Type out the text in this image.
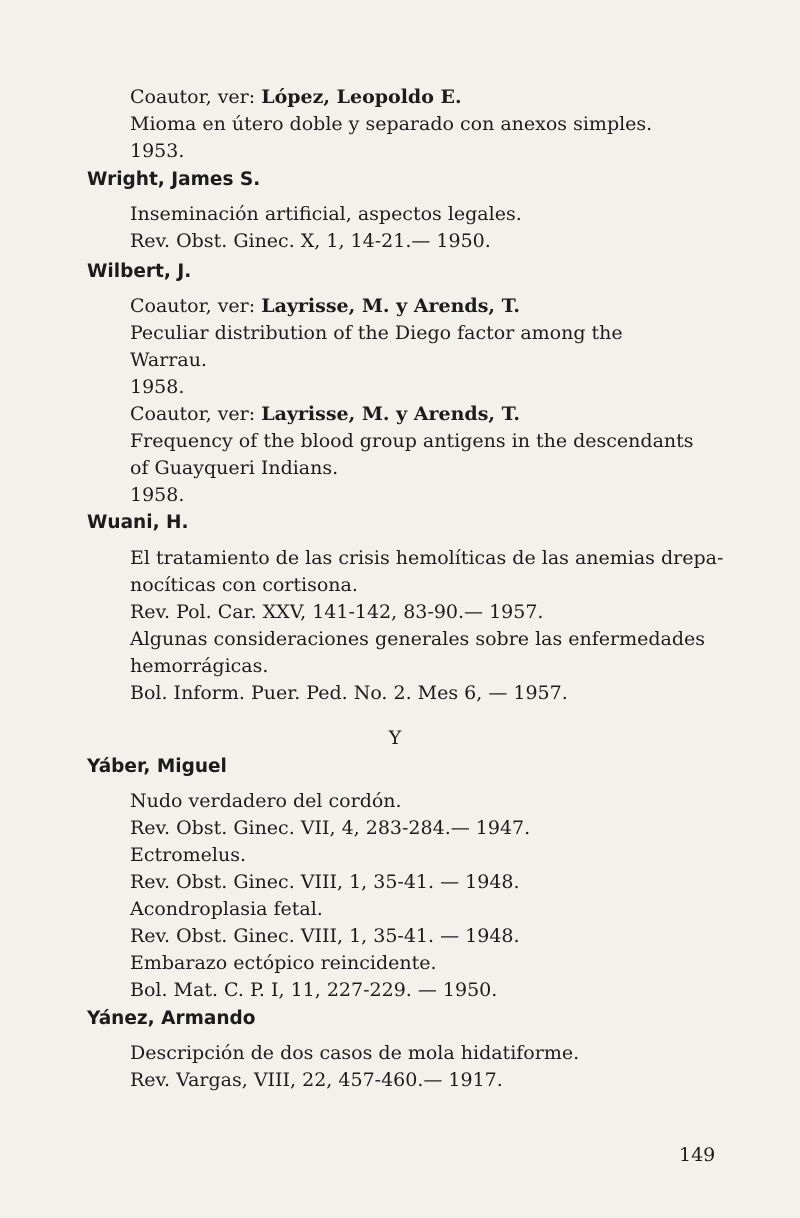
Coautor, ver: López, Leopoldo E.
Mioma en útero doble y separado con anexos simples.
1953.
Wright, James S.
Inseminación artificial, aspectos legales.
Rev. Obst. Ginec. X, 1, 14-21.— 1950.
Wilbert, J.
Coautor, ver: Layrisse, M. y Arends, T.
Peculiar distribution of the Diego factor among the
Warrau.
1958.
Coautor, ver: Layrisse, M. y Arends, T.
Frequency of the blood group antigens in the descendants
of Guayqueri Indians.
1958.
Wuani, H.
El tratamiento de las crisis hemolíticas de las anemias drepa-
nocíticas con cortisona.
Rev. Pol. Car. XXV, 141-142, 83-90.— 1957.
Algunas consideraciones generales sobre las enfermedades
hemorrágicas.
Bol. Inform. Puer. Ped. No. 2. Mes 6, — 1957.
Y
Yáber, Miguel
Nudo verdadero del cordón.
Rev. Obst. Ginec. VII, 4, 283-284.— 1947.
Ectromelus.
Rev. Obst. Ginec. VIII, 1, 35-41. — 1948.
Acondroplasia fetal.
Rev. Obst. Ginec. VIII, 1, 35-41. — 1948.
Embarazo ectópico reincidente.
Bol. Mat. C. P. I, 11, 227-229. — 1950.
Yánez, Armando
Descripción de dos casos de mola hidatiforme.
Rev. Vargas, VIII, 22, 457-460.— 1917.
149
